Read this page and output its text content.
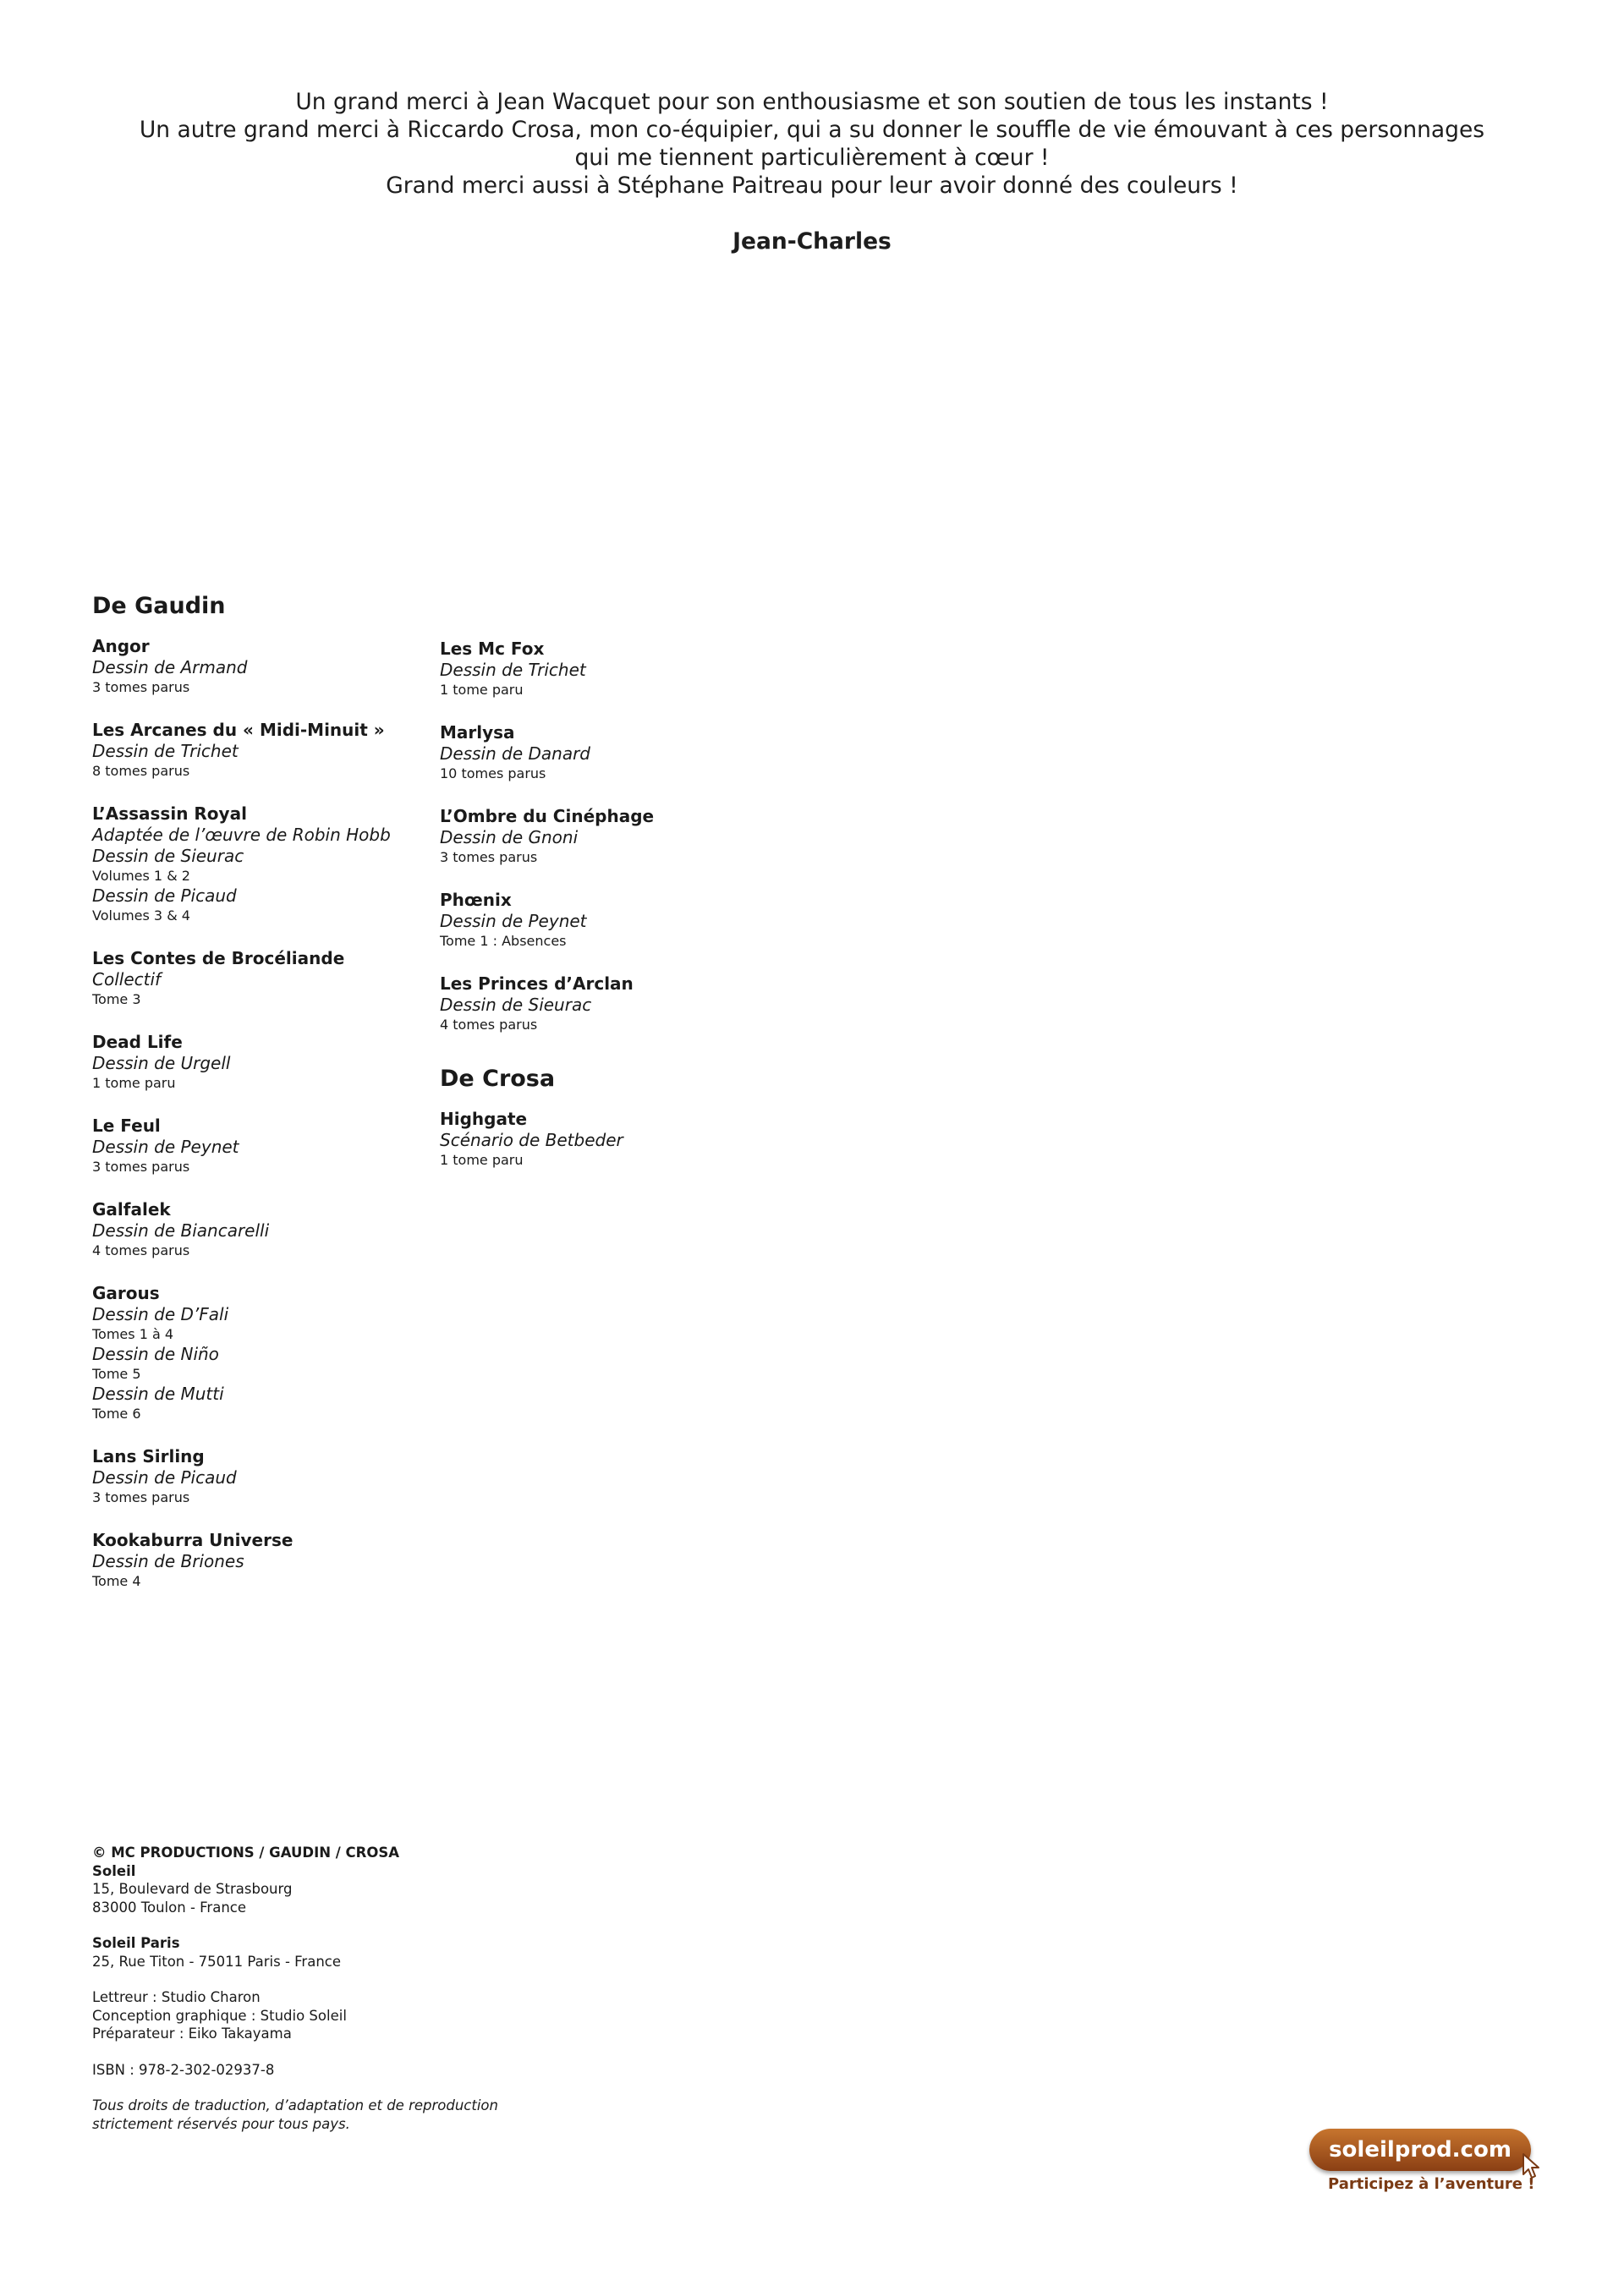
Un grand merci à Jean Wacquet pour son enthousiasme et son soutien de tous les instants !

Un autre grand merci à Riccardo Crosa, mon co-équipier, qui a su donner le souffle de vie émouvant à ces personnages

qui me tiennent particulièrement à cœur !

Grand merci aussi à Stéphane Paitreau pour leur avoir donné des couleurs !

Jean-Charles

De Gaudin
Angor
Dessin de Armand
3 tomes parus
Les Arcanes du « Midi-Minuit »
Dessin de Trichet
8 tomes parus
L’Assassin Royal
Adaptée de l’œuvre de Robin Hobb
Dessin de Sieurac
Volumes 1 & 2
Dessin de Picaud
Volumes 3 & 4
Les Contes de Brocéliande
Collectif
Tome 3
Dead Life
Dessin de Urgell
1 tome paru
Le Feul
Dessin de Peynet
3 tomes parus
Galfalek
Dessin de Biancarelli
4 tomes parus
Garous
Dessin de D’Fali
Tomes 1 à 4
Dessin de Niño
Tome 5
Dessin de Mutti
Tome 6
Lans Sirling
Dessin de Picaud
3 tomes parus
Kookaburra Universe
Dessin de Briones
Tome 4
Les Mc Fox
Dessin de Trichet
1 tome paru
Marlysa
Dessin de Danard
10 tomes parus
L’Ombre du Cinéphage
Dessin de Gnoni
3 tomes parus
Phœnix
Dessin de Peynet
Tome 1 : Absences
Les Princes d’Arclan
Dessin de Sieurac
4 tomes parus
De Crosa
Highgate
Scénario de Betbeder
1 tome paru
© MC PRODUCTIONS / GAUDIN / CROSA
Soleil
15, Boulevard de Strasbourg
83000 Toulon - France
Soleil Paris
25, Rue Titon - 75011 Paris - France
Lettreur : Studio Charon
Conception graphique : Studio Soleil
Préparateur : Eiko Takayama
ISBN : 978-2-302-02937-8
Tous droits de traduction, d’adaptation et de reproduction
strictement réservés pour tous pays.
soleilprod.com
Participez à l’aventure !
